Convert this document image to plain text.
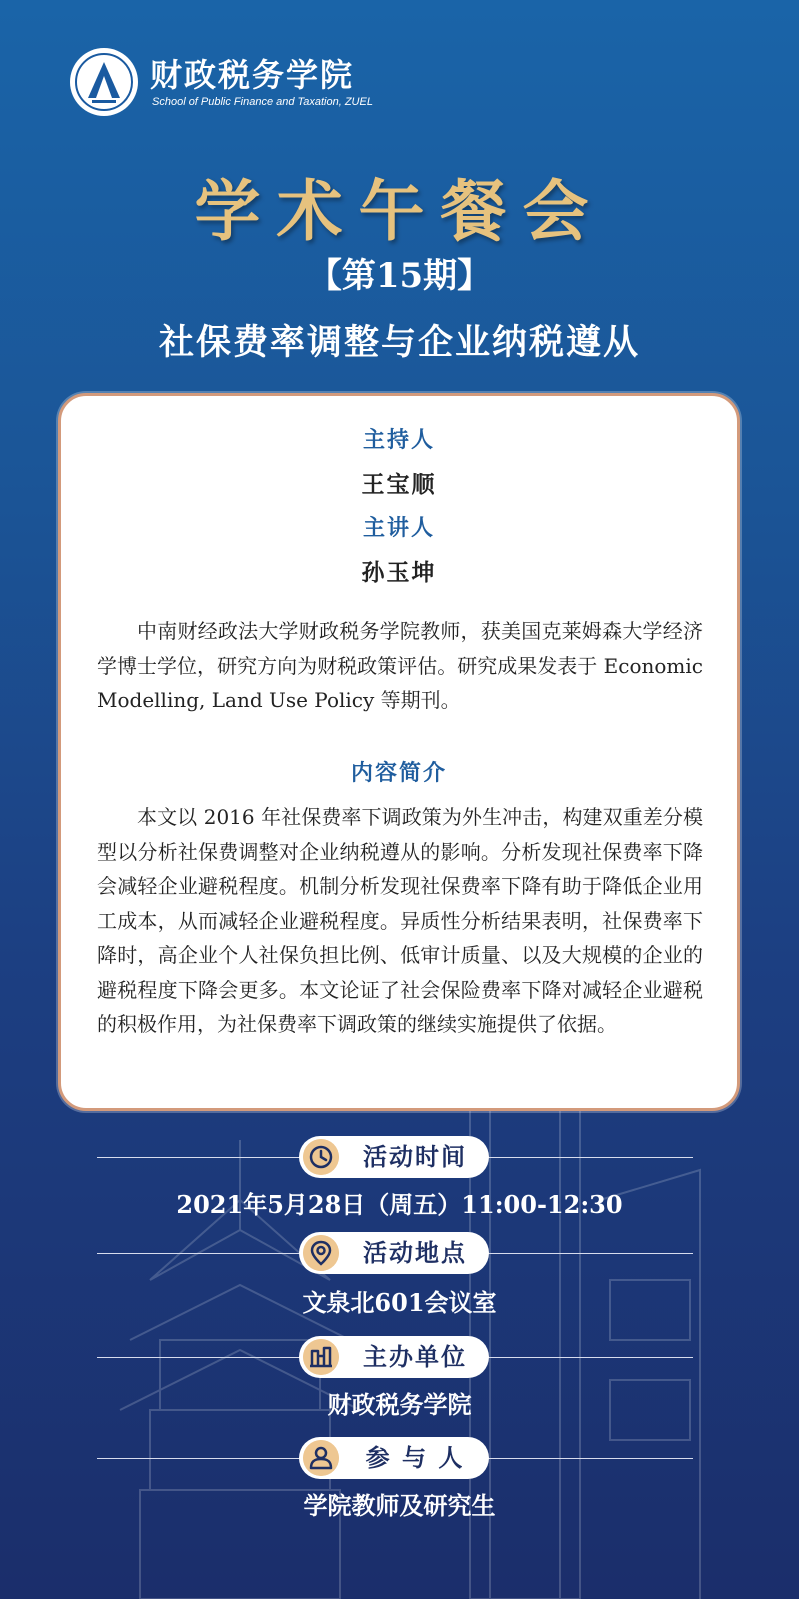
财政税务学院
School of Public Finance and Taxation, ZUEL
学术午餐会
【第15期】
社保费率调整与企业纳税遵从
主持人
王宝顺
主讲人
孙玉坤

中南财经政法大学财政税务学院教师，获美国克莱姆森大学经济学博士学位，研究方向为财税政策评估。研究成果发表于 Economic Modelling, Land Use Policy 等期刊。

内容简介

本文以 2016 年社保费率下调政策为外生冲击，构建双重差分模型以分析社保费调整对企业纳税遵从的影响。分析发现社保费率下降会减轻企业避税程度。机制分析发现社保费率下降有助于降低企业用工成本，从而减轻企业避税程度。异质性分析结果表明，社保费率下降时，高企业个人社保负担比例、低审计质量、以及大规模的企业的避税程度下降会更多。本文论证了社会保险费率下降对减轻企业避税的积极作用，为社保费率下调政策的继续实施提供了依据。

活动时间
2021年5月28日（周五）11:00-12:30
活动地点
文泉北601会议室
主办单位
财政税务学院
参 与 人
学院教师及研究生
